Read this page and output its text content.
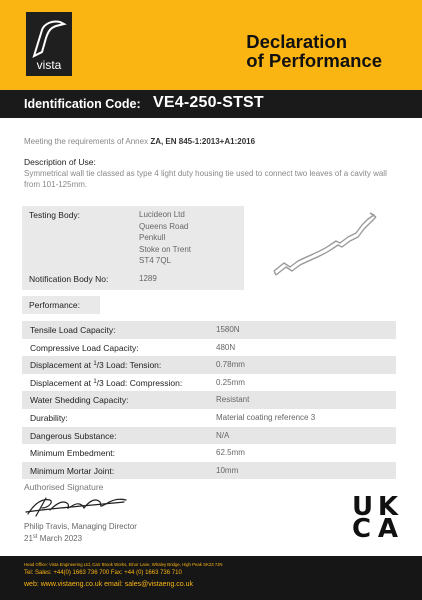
vista
Declaration
of Performance
Identification Code: VE4-250-STST
Meeting the requirements of Annex ZA, EN 845-1:2013+A1:2016
Description of Use:
Symmetrical wall tie classed as type 4 light duty housing tie used to connect two leaves of a cavity wall from 101-125mm.
Testing Body:	Lucideon Ltd
Queens Road
Penkull
Stoke on Trent
ST4 7QL
Notification Body No:	1289
Performance:
Tensile Load Capacity:	1580N
Compressive Load Capacity:	480N
Displacement at $^1$/3 Load: Tension:	0.78mm
Displacement at $^1$/3 Load: Compression:	0.25mm
Water Shedding Capacity:	Resistant
Durability:	Material coating reference 3
Dangerous Substance:	N/A
Minimum Embedment:	62.5mm
Minimum Mortar Joint:	10mm
Authorised Signature
Philip Travis, Managing Director
21st March 2023
U K
C A
Head Office: Vista Engineering Ltd, Carr Brook Works, Elnor Lane, Whaley Bridge, High Peak SK23 7JN
Tel: Sales: +44(0) 1663 736 700 Fax: +44 (0) 1663 736 710
web: www.vistaeng.co.uk email: sales@vistaeng.co.uk
